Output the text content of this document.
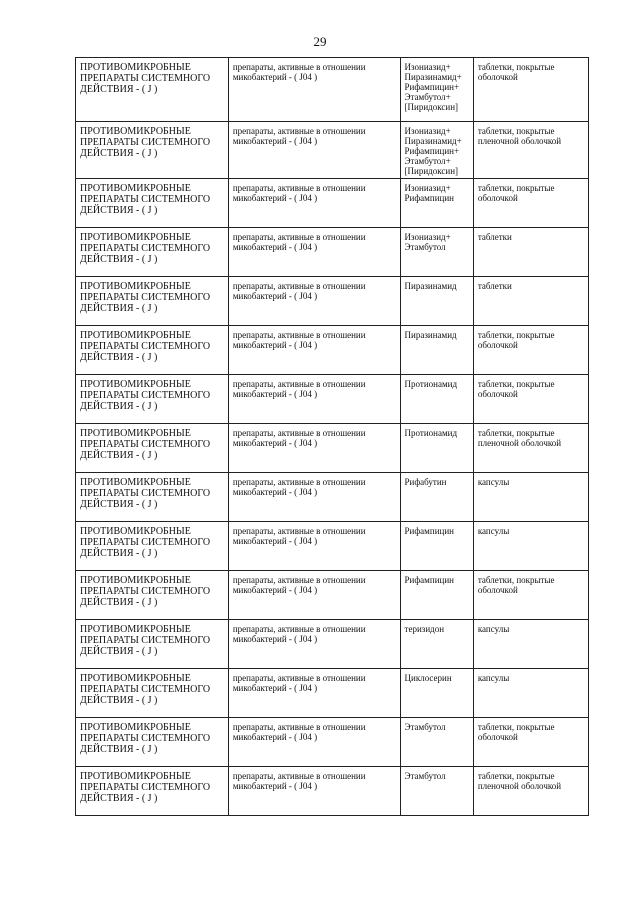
29
ПРОТИВОМИКРОБНЫЕ ПРЕПАРАТЫ СИСТЕМНОГО ДЕЙСТВИЯ - ( J )	препараты, активные в отношении микобактерий - ( J04 )	Изониазид+
Пиразинамид+
Рифампицин+
Этамбутол+
[Пиридоксин]	таблетки, покрытые оболочкой

ПРОТИВОМИКРОБНЫЕ ПРЕПАРАТЫ СИСТЕМНОГО ДЕЙСТВИЯ - ( J )	препараты, активные в отношении микобактерий - ( J04 )	Изониазид+
Пиразинамид+
Рифампицин+
Этамбутол+
[Пиридоксин]	таблетки, покрытые пленочной оболочкой

ПРОТИВОМИКРОБНЫЕ ПРЕПАРАТЫ СИСТЕМНОГО ДЕЙСТВИЯ - ( J )	препараты, активные в отношении микобактерий - ( J04 )	Изониазид+
Рифампицин	таблетки, покрытые оболочкой

ПРОТИВОМИКРОБНЫЕ ПРЕПАРАТЫ СИСТЕМНОГО ДЕЙСТВИЯ - ( J )	препараты, активные в отношении микобактерий - ( J04 )	Изониазид+
Этамбутол	таблетки

ПРОТИВОМИКРОБНЫЕ ПРЕПАРАТЫ СИСТЕМНОГО ДЕЙСТВИЯ - ( J )	препараты, активные в отношении микобактерий - ( J04 )	Пиразинамид	таблетки

ПРОТИВОМИКРОБНЫЕ ПРЕПАРАТЫ СИСТЕМНОГО ДЕЙСТВИЯ - ( J )	препараты, активные в отношении микобактерий - ( J04 )	Пиразинамид	таблетки, покрытые оболочкой

ПРОТИВОМИКРОБНЫЕ ПРЕПАРАТЫ СИСТЕМНОГО ДЕЙСТВИЯ - ( J )	препараты, активные в отношении микобактерий - ( J04 )	Протионамид	таблетки, покрытые оболочкой

ПРОТИВОМИКРОБНЫЕ ПРЕПАРАТЫ СИСТЕМНОГО ДЕЙСТВИЯ - ( J )	препараты, активные в отношении микобактерий - ( J04 )	Протионамид	таблетки, покрытые пленочной оболочкой

ПРОТИВОМИКРОБНЫЕ ПРЕПАРАТЫ СИСТЕМНОГО ДЕЙСТВИЯ - ( J )	препараты, активные в отношении микобактерий - ( J04 )	Рифабутин	капсулы

ПРОТИВОМИКРОБНЫЕ ПРЕПАРАТЫ СИСТЕМНОГО ДЕЙСТВИЯ - ( J )	препараты, активные в отношении микобактерий - ( J04 )	Рифампицин	капсулы

ПРОТИВОМИКРОБНЫЕ ПРЕПАРАТЫ СИСТЕМНОГО ДЕЙСТВИЯ - ( J )	препараты, активные в отношении микобактерий - ( J04 )	Рифампицин	таблетки, покрытые оболочкой

ПРОТИВОМИКРОБНЫЕ ПРЕПАРАТЫ СИСТЕМНОГО ДЕЙСТВИЯ - ( J )	препараты, активные в отношении микобактерий - ( J04 )	теризидон	капсулы

ПРОТИВОМИКРОБНЫЕ ПРЕПАРАТЫ СИСТЕМНОГО ДЕЙСТВИЯ - ( J )	препараты, активные в отношении микобактерий - ( J04 )	Циклосерин	капсулы

ПРОТИВОМИКРОБНЫЕ ПРЕПАРАТЫ СИСТЕМНОГО ДЕЙСТВИЯ - ( J )	препараты, активные в отношении микобактерий - ( J04 )	Этамбутол	таблетки, покрытые оболочкой

ПРОТИВОМИКРОБНЫЕ ПРЕПАРАТЫ СИСТЕМНОГО ДЕЙСТВИЯ - ( J )	препараты, активные в отношении микобактерий - ( J04 )	Этамбутол	таблетки, покрытые пленочной оболочкой
